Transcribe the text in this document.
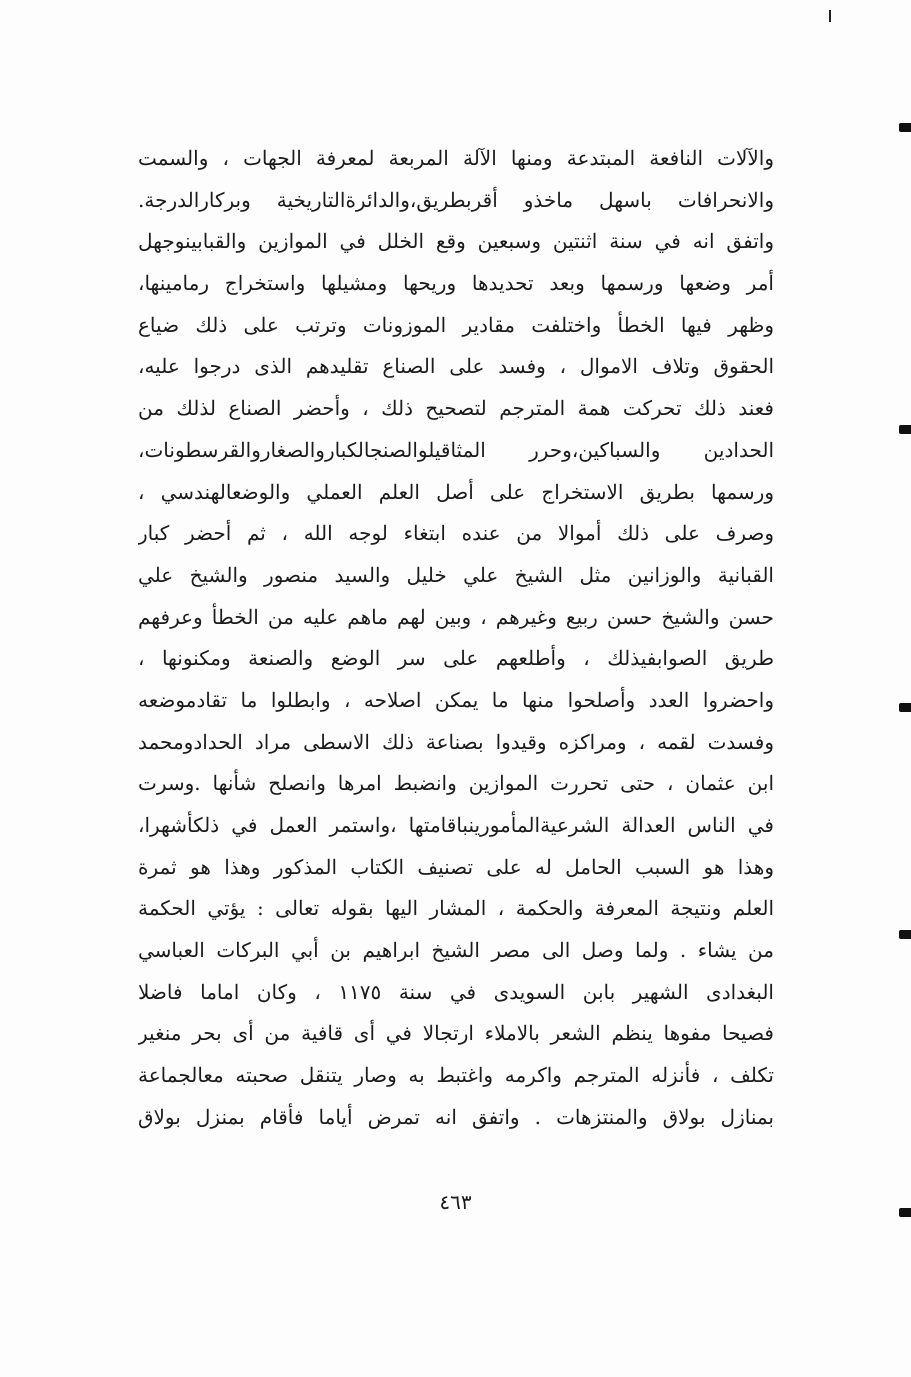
والآلات النافعة المبتدعة ومنها الآلة المربعة لمعرفة الجهات ، والسمت
والانحرافات باسهل ماخذو أقربطريق،والدائرةالتاريخية وبركارالدرجة.
واتفق انه في سنة اثنتين وسبعين وقع الخلل في الموازين والقبابينوجهل
أمر وضعها ورسمها وبعد تحديدها وريحها ومشيلها واستخراج رمامينها،
وظهر فيها الخطأ واختلفت مقادير الموزونات وترتب على ذلك ضياع
الحقوق وتلاف الاموال ، وفسد على الصناع تقليدهم الذى درجوا عليه،
فعند ذلك تحركت همة المترجم لتصحيح ذلك ، وأحضر الصناع لذلك من
الحدادين والسباكين،وحرر المثاقيلوالصنجالكباروالصغاروالقرسطونات،
ورسمها بطريق الاستخراج على أصل العلم العملي والوضعالهندسي ،
وصرف على ذلك أموالا من عنده ابتغاء لوجه الله ، ثم أحضر كبار
القبانية والوزانين مثل الشيخ علي خليل والسيد منصور والشيخ علي
حسن والشيخ حسن ربيع وغيرهم ، وبين لهم ماهم عليه من الخطأ وعرفهم
طريق الصوابفيذلك ، وأطلعهم على سر الوضع والصنعة ومكنونها ،
واحضروا العدد وأصلحوا منها ما يمكن اصلاحه ، وابطلوا ما تقادموضعه
وفسدت لقمه ، ومراكزه وقيدوا بصناعة ذلك الاسطى مراد الحدادومحمد
ابن عثمان ، حتى تحررت الموازين وانضبط امرها وانصلح شأنها .وسرت
في الناس العدالة الشرعيةالمأمورينباقامتها ،واستمر العمل في ذلكأشهرا،
وهذا هو السبب الحامل له على تصنيف الكتاب المذكور وهذا هو ثمرة
العلم ونتيجة المعرفة والحكمة ، المشار اليها بقوله تعالى : يؤتي الحكمة
من يشاء . ولما وصل الى مصر الشيخ ابراهيم بن أبي البركات العباسي
البغدادى الشهير بابن السويدى في سنة ١١٧٥ ، وكان اماما فاضلا
فصيحا مفوها ينظم الشعر بالاملاء ارتجالا في أى قافية من أى بحر منغير
تكلف ، فأنزله المترجم واكرمه واغتبط به وصار يتنقل صحبته معالجماعة
بمنازل بولاق والمنتزهات . واتفق انه تمرض أياما فأقام بمنزل بولاق
٤٦٣
